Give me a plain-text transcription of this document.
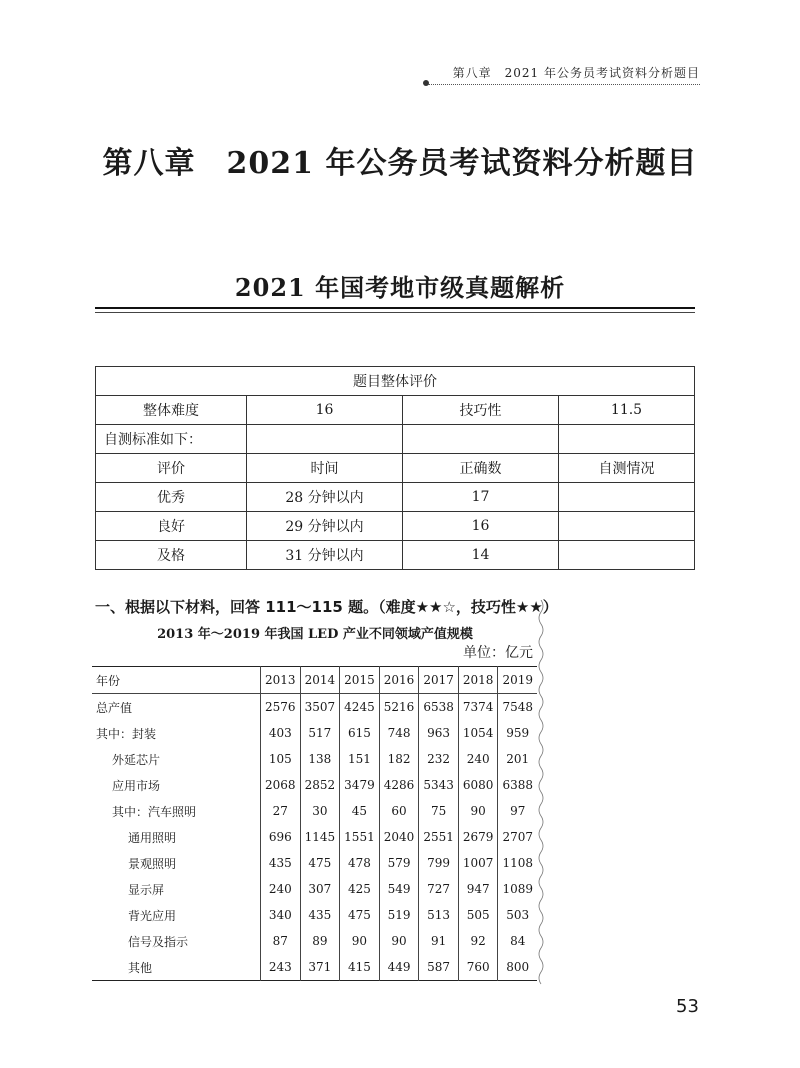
第八章　2021 年公务员考试资料分析题目
第八章　2021 年公务员考试资料分析题目
2021 年国考地市级真题解析
题目整体评价			
整体难度	16	技巧性	11.5
自测标准如下：			
评价	时间	正确数	自测情况
优秀	28 分钟以内	17	
良好	29 分钟以内	16	
及格	31 分钟以内	14	
一、根据以下材料，回答 111～115 题。（难度★★☆，技巧性★★）
2013 年～2019 年我国 LED 产业不同领域产值规模
单位：亿元
年份	2013	2014	2015	2016	2017	2018	2019
总产值	2576	3507	4245	5216	6538	7374	7548
其中：封装	403	517	615	748	963	1054	959
外延芯片	105	138	151	182	232	240	201
应用市场	2068	2852	3479	4286	5343	6080	6388
其中：汽车照明	27	30	45	60	75	90	97
通用照明	696	1145	1551	2040	2551	2679	2707
景观照明	435	475	478	579	799	1007	1108
显示屏	240	307	425	549	727	947	1089
背光应用	340	435	475	519	513	505	503
信号及指示	87	89	90	90	91	92	84
其他	243	371	415	449	587	760	800
53
